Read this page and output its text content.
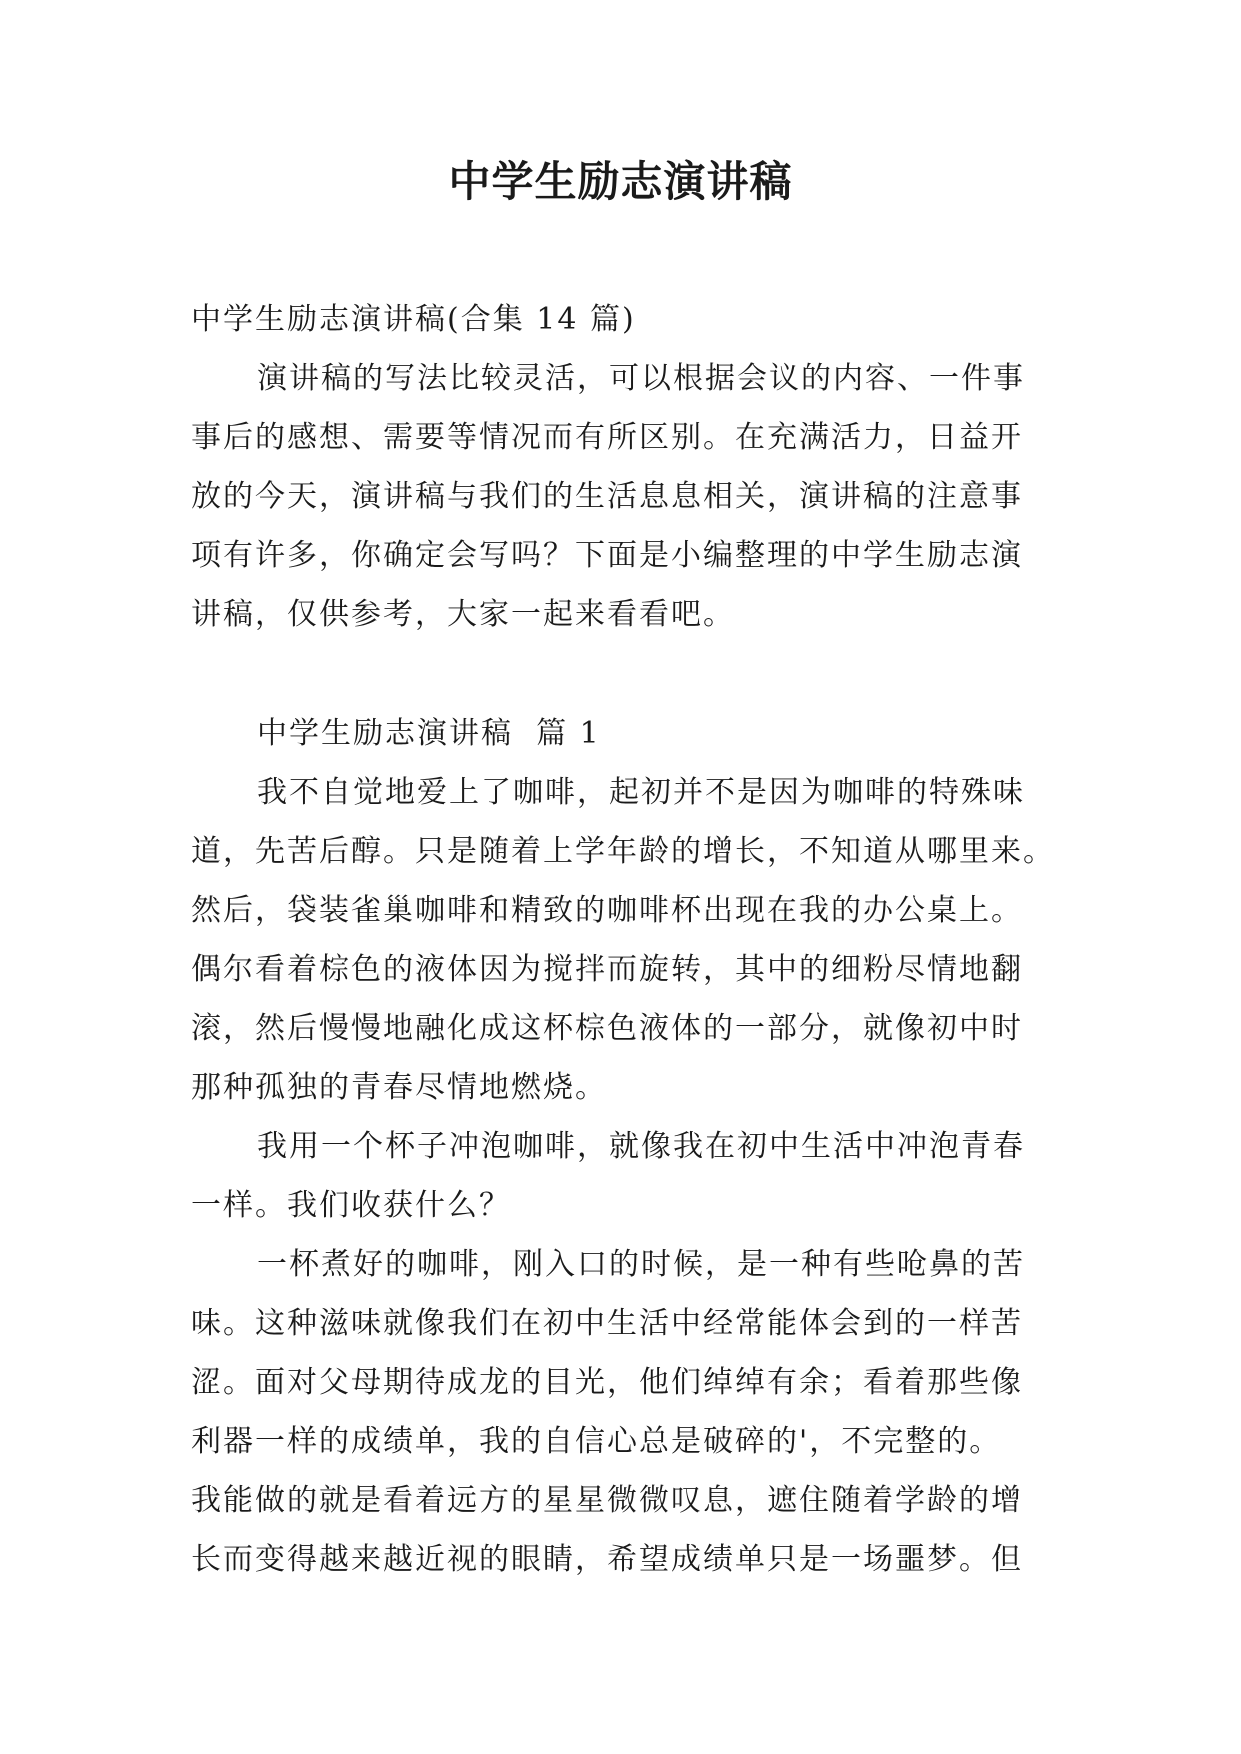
中学生励志演讲稿
中学生励志演讲稿(合集 14 篇)
演讲稿的写法比较灵活，可以根据会议的内容、一件事
事后的感想、需要等情况而有所区别。在充满活力，日益开
放的今天，演讲稿与我们的生活息息相关，演讲稿的注意事
项有许多，你确定会写吗？下面是小编整理的中学生励志演
讲稿，仅供参考，大家一起来看看吧。
中学生励志演讲稿  篇 1
我不自觉地爱上了咖啡，起初并不是因为咖啡的特殊味
道，先苦后醇。只是随着上学年龄的增长，不知道从哪里来。
然后，袋装雀巢咖啡和精致的咖啡杯出现在我的办公桌上。
偶尔看着棕色的液体因为搅拌而旋转，其中的细粉尽情地翻
滚，然后慢慢地融化成这杯棕色液体的一部分，就像初中时
那种孤独的青春尽情地燃烧。
我用一个杯子冲泡咖啡，就像我在初中生活中冲泡青春
一样。我们收获什么？
一杯煮好的咖啡，刚入口的时候，是一种有些呛鼻的苦
味。这种滋味就像我们在初中生活中经常能体会到的一样苦
涩。面对父母期待成龙的目光，他们绰绰有余；看着那些像
利器一样的成绩单，我的自信心总是破碎的'，不完整的。
我能做的就是看着远方的星星微微叹息，遮住随着学龄的增
长而变得越来越近视的眼睛，希望成绩单只是一场噩梦。但
